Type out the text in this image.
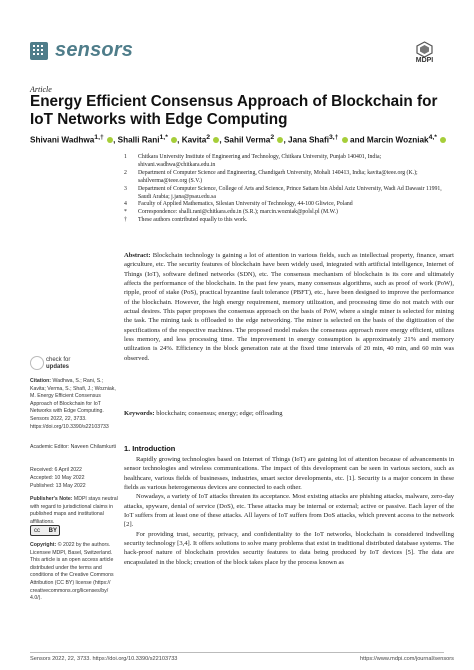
sensors	MDPI
Article
Energy Efficient Consensus Approach of Blockchain for IoT Networks with Edge Computing
Shivani Wadhwa$^{1,\dagger}$ , Shalli Rani$^{1,*}$ , Kavita$^2$ , Sahil Verma$^2$ , Jana Shafi$^{3,\dagger}$  and Marcin Wozniak$^{4,*}$
1 Chitkara University Institute of Engineering and Technology, Chitkara University, Punjab 140401, India; shivani.wadhwa@chitkara.edu.in
2 Department of Computer Science and Engineering, Chandigarh University, Mohali 140413, India; kavita@ieee.org (K.); sahilverma@ieee.org (S.V.)
3 Department of Computer Science, College of Arts and Science, Prince Sattam bin Abdul Aziz University, Wadi Ad Dawasir 11991, Saudi Arabia; j.jana@psau.edu.sa
4 Faculty of Applied Mathematics, Silesian University of Technology, 44-100 Gliwice, Poland
* Correspondence: shalli.rani@chitkara.edu.in (S.R.); marcin.wozniak@polsl.pl (M.W.)
† These authors contributed equally to this work.
Abstract: Blockchain technology is gaining a lot of attention in various fields, such as intellectual property, finance, smart agriculture, etc. The security features of blockchain have been widely used, integrated with artificial intelligence, Internet of Things (IoT), software defined networks (SDN), etc. The consensus mechanism of blockchain is its core and ultimately affects the performance of the blockchain. In the past few years, many consensus algorithms, such as proof of work (PoW), ripple, proof of stake (PoS), practical byzantine fault tolerance (PBFT), etc., have been designed to improve the performance of the blockchain. However, the high energy requirement, memory utilization, and processing time do not match with our actual desires. This paper proposes the consensus approach on the basis of PoW, where a single miner is selected for mining the task. The mining task is offloaded to the edge networking. The miner is selected on the basis of the digitization of the specifications of the respective machines. The proposed model makes the consensus approach more energy efficient, utilizes less memory, and less processing time. The improvement in energy consumption is approximately 21% and memory utilization is 24%. Efficiency in the block generation rate at the fixed time intervals of 20 min, 40 min, and 60 min was observed.
Keywords: blockchain; consensus; energy; edge; offloading
check for
updates
Citation: Wadhwa, S.; Rani, S.; Kavita; Verma, S.; Shafi, J.; Wozniak, M. Energy Efficient Consensus Approach of Blockchain for IoT Networks with Edge Computing. Sensors 2022, 22, 3733. https://doi.org/10.3390/s22103733
Academic Editor: Naveen Chilamkurti
Received: 6 April 2022
Accepted: 10 May 2022
Published: 13 May 2022
Publisher's Note: MDPI stays neutral with regard to jurisdictional claims in published maps and institutional affiliations.
cc BY
Copyright: © 2022 by the authors. Licensee MDPI, Basel, Switzerland. This article is an open access article distributed under the terms and conditions of the Creative Commons Attribution (CC BY) license (https:// creativecommons.org/licenses/by/ 4.0/).
1. Introduction

Rapidly growing technologies based on Internet of Things (IoT) are gaining lot of attention because of advancements in sensor technologies and wireless communications. The impact of this development can be seen in various sectors, such as healthcare, various fields of businesses, industries, smart sector developments, etc. [1]. Security is a major concern in these fields as various heterogeneous devices are connected to each other.

Nowadays, a variety of IoT attacks threaten its acceptance. Most existing attacks are phishing attacks, malware, zero-day attacks, spyware, denial of service (DoS), etc. These attacks may be internal or external; active or passive. Each layer of the IoT suffers from at least one of these attacks. All layers of IoT suffers from DoS attacks, which prevent access to the network [2].

For providing trust, security, privacy, and confidentiality to the IoT networks, blockchain is considered indwelling security technology [3,4]. It offers solutions to solve many problems that exist in traditional distributed database systems. The hack-proof nature of blockchain provides security features to data being produced by IoT devices [5]. The data are encapsulated in the block; creation of the block takes place by the process known as

Sensors 2022, 22, 3733. https://doi.org/10.3390/s22103733	https://www.mdpi.com/journal/sensors
